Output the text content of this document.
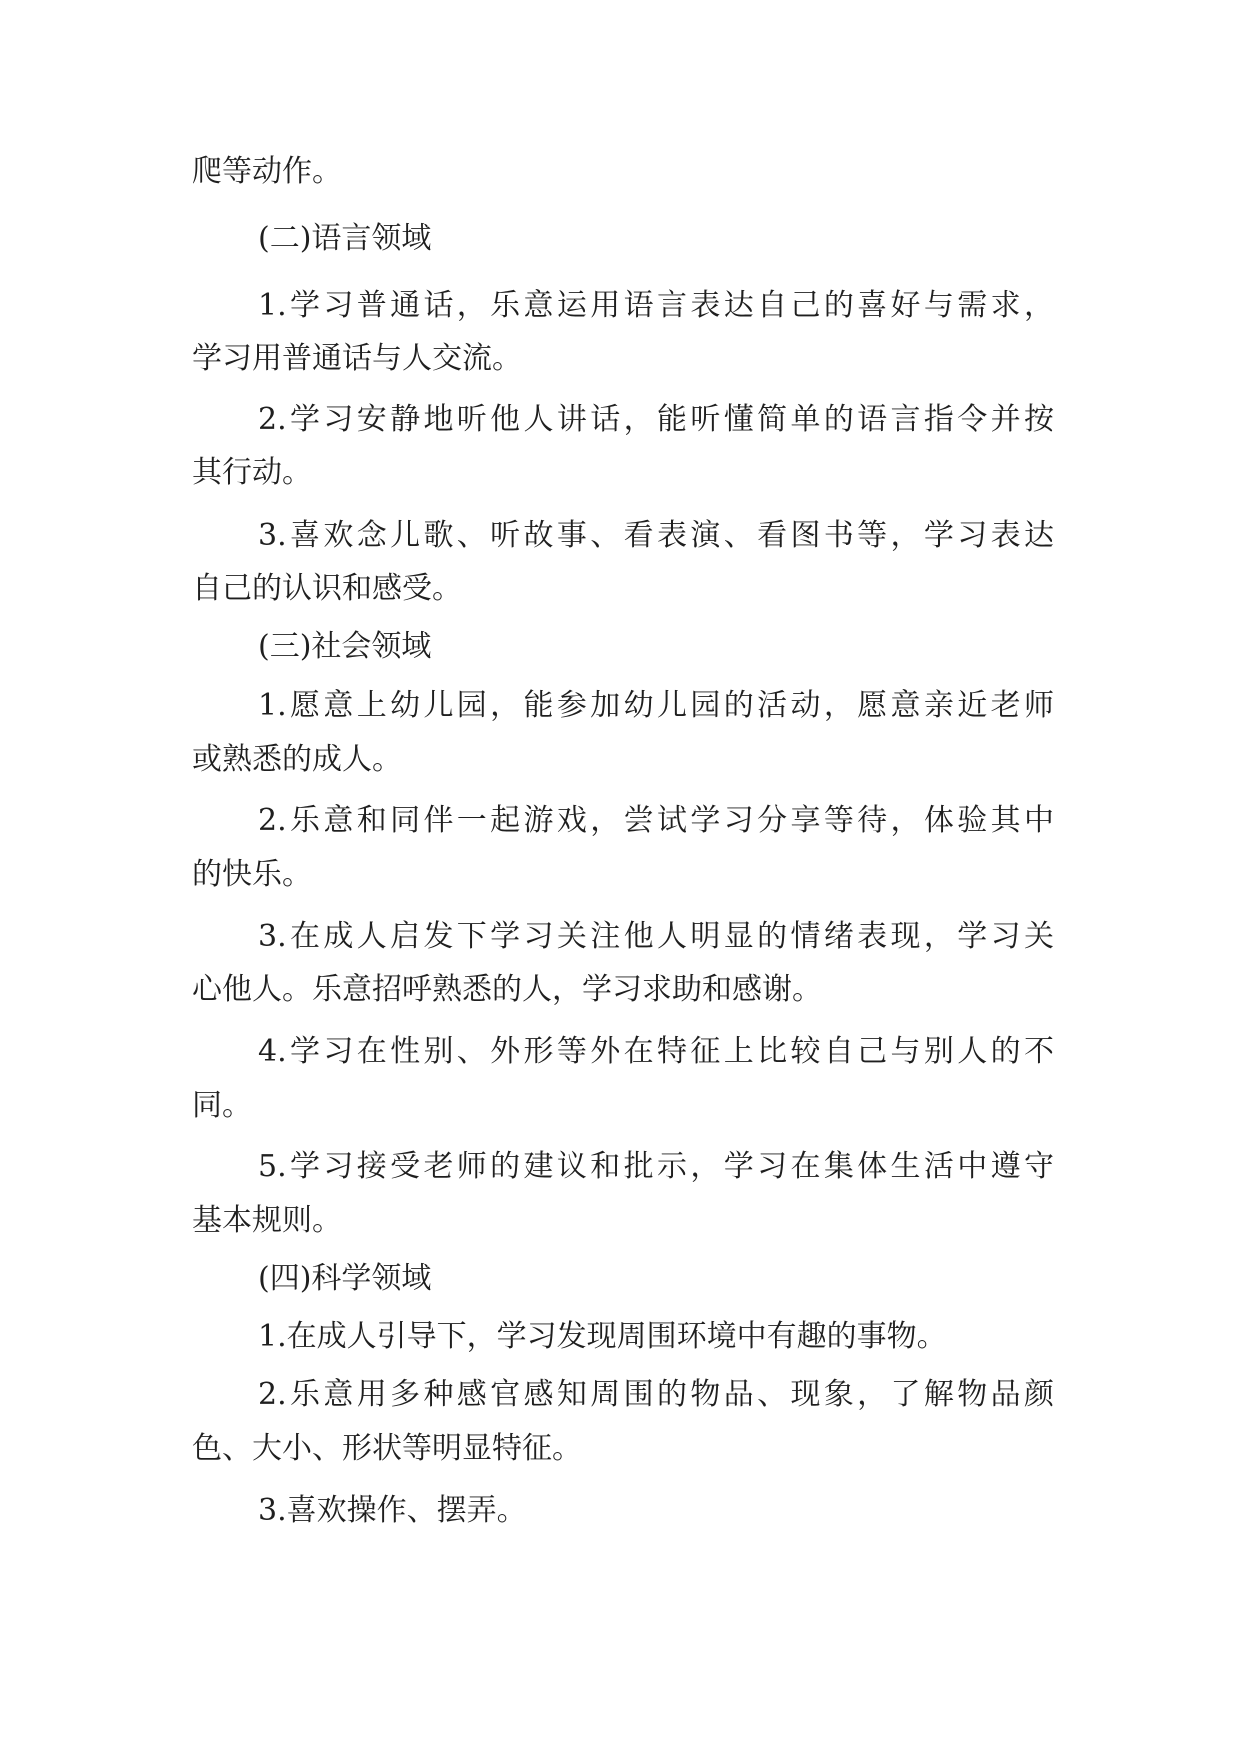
爬等动作。
(二)语言领域
1.学习普通话，乐意运用语言表达自己的喜好与需求，
学习用普通话与人交流。
2.学习安静地听他人讲话，能听懂简单的语言指令并按
其行动。
3.喜欢念儿歌、听故事、看表演、看图书等，学习表达
自己的认识和感受。
(三)社会领域
1.愿意上幼儿园，能参加幼儿园的活动，愿意亲近老师
或熟悉的成人。
2.乐意和同伴一起游戏，尝试学习分享等待，体验其中
的快乐。
3.在成人启发下学习关注他人明显的情绪表现，学习关
心他人。乐意招呼熟悉的人，学习求助和感谢。
4.学习在性别、外形等外在特征上比较自己与别人的不
同。
5.学习接受老师的建议和批示，学习在集体生活中遵守
基本规则。
(四)科学领域
1.在成人引导下，学习发现周围环境中有趣的事物。
2.乐意用多种感官感知周围的物品、现象，了解物品颜
色、大小、形状等明显特征。
3.喜欢操作、摆弄。
